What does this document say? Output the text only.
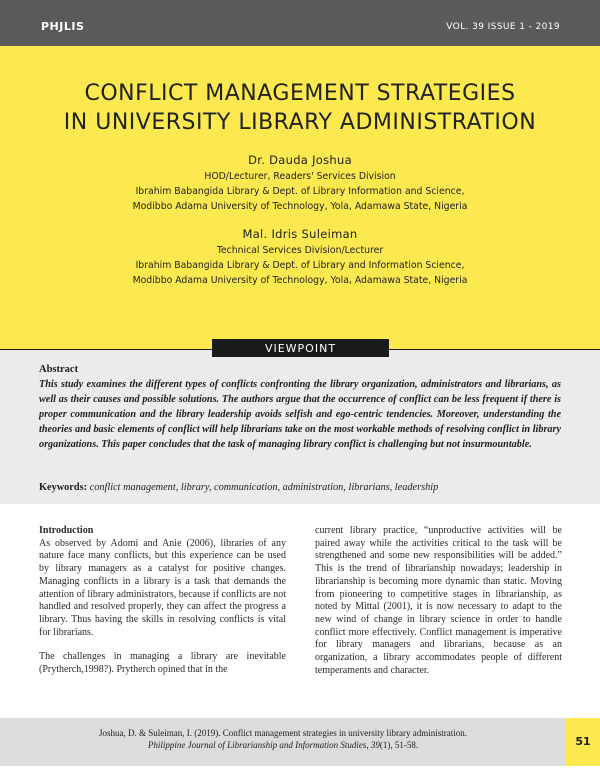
PHJLIS	VOL. 39 ISSUE 1 - 2019
CONFLICT MANAGEMENT STRATEGIES
IN UNIVERSITY LIBRARY ADMINISTRATION
Dr. Dauda Joshua
HOD/Lecturer, Readers' Services Division
Ibrahim Babangida Library & Dept. of Library Information and Science,
Modibbo Adama University of Technology, Yola, Adamawa State, Nigeria
Mal. Idris Suleiman
Technical Services Division/Lecturer
Ibrahim Babangida Library & Dept. of Library and Information Science,
Modibbo Adama University of Technology, Yola, Adamawa State, Nigeria
VIEWPOINT
Abstract
This study examines the different types of conflicts confronting the library organization, administrators and librarians, as well as their causes and possible solutions. The authors argue that the occurrence of conflict can be less frequent if there is proper communication and the library leadership avoids selfish and ego-centric tendencies. Moreover, understanding the theories and basic elements of conflict will help librarians take on the most workable methods of resolving conflict in library organizations. This paper concludes that the task of managing library conflict is challenging but not insurmountable.
Keywords: conflict management, library, communication, administration, librarians, leadership

Introduction

As observed by Adomi and Anie (2006), libraries of any nature face many conflicts, but this experience can be used by library managers as a catalyst for positive changes. Managing conflicts in a library is a task that demands the attention of library administrators, because if conflicts are not handled and resolved properly, they can affect the progress a library. Thus having the skills in resolving conflicts is vital for librarians.

The challenges in managing a library are inevitable (Prytherch,1998?). Prytherch opined that in the

current library practice, “unproductive activities will be paired away while the activities critical to the task will be strengthened and some new responsibilities will be added.” This is the trend of librarianship nowadays; leadership in librarianship is becoming more dynamic than static. Moving from pioneering to competitive stages in librarianship, as noted by Mittal (2001), it is now necessary to adapt to the new wind of change in library science in order to handle conflict more effectively. Conflict management is imperative for library managers and librarians, because as an organization, a library accommodates people of different temperaments and character.

Joshua, D. & Suleiman, I. (2019). Conflict management strategies in university library administration.
Philippine Journal of Librarianship and Information Studies, 39(1), 51-58.	51
